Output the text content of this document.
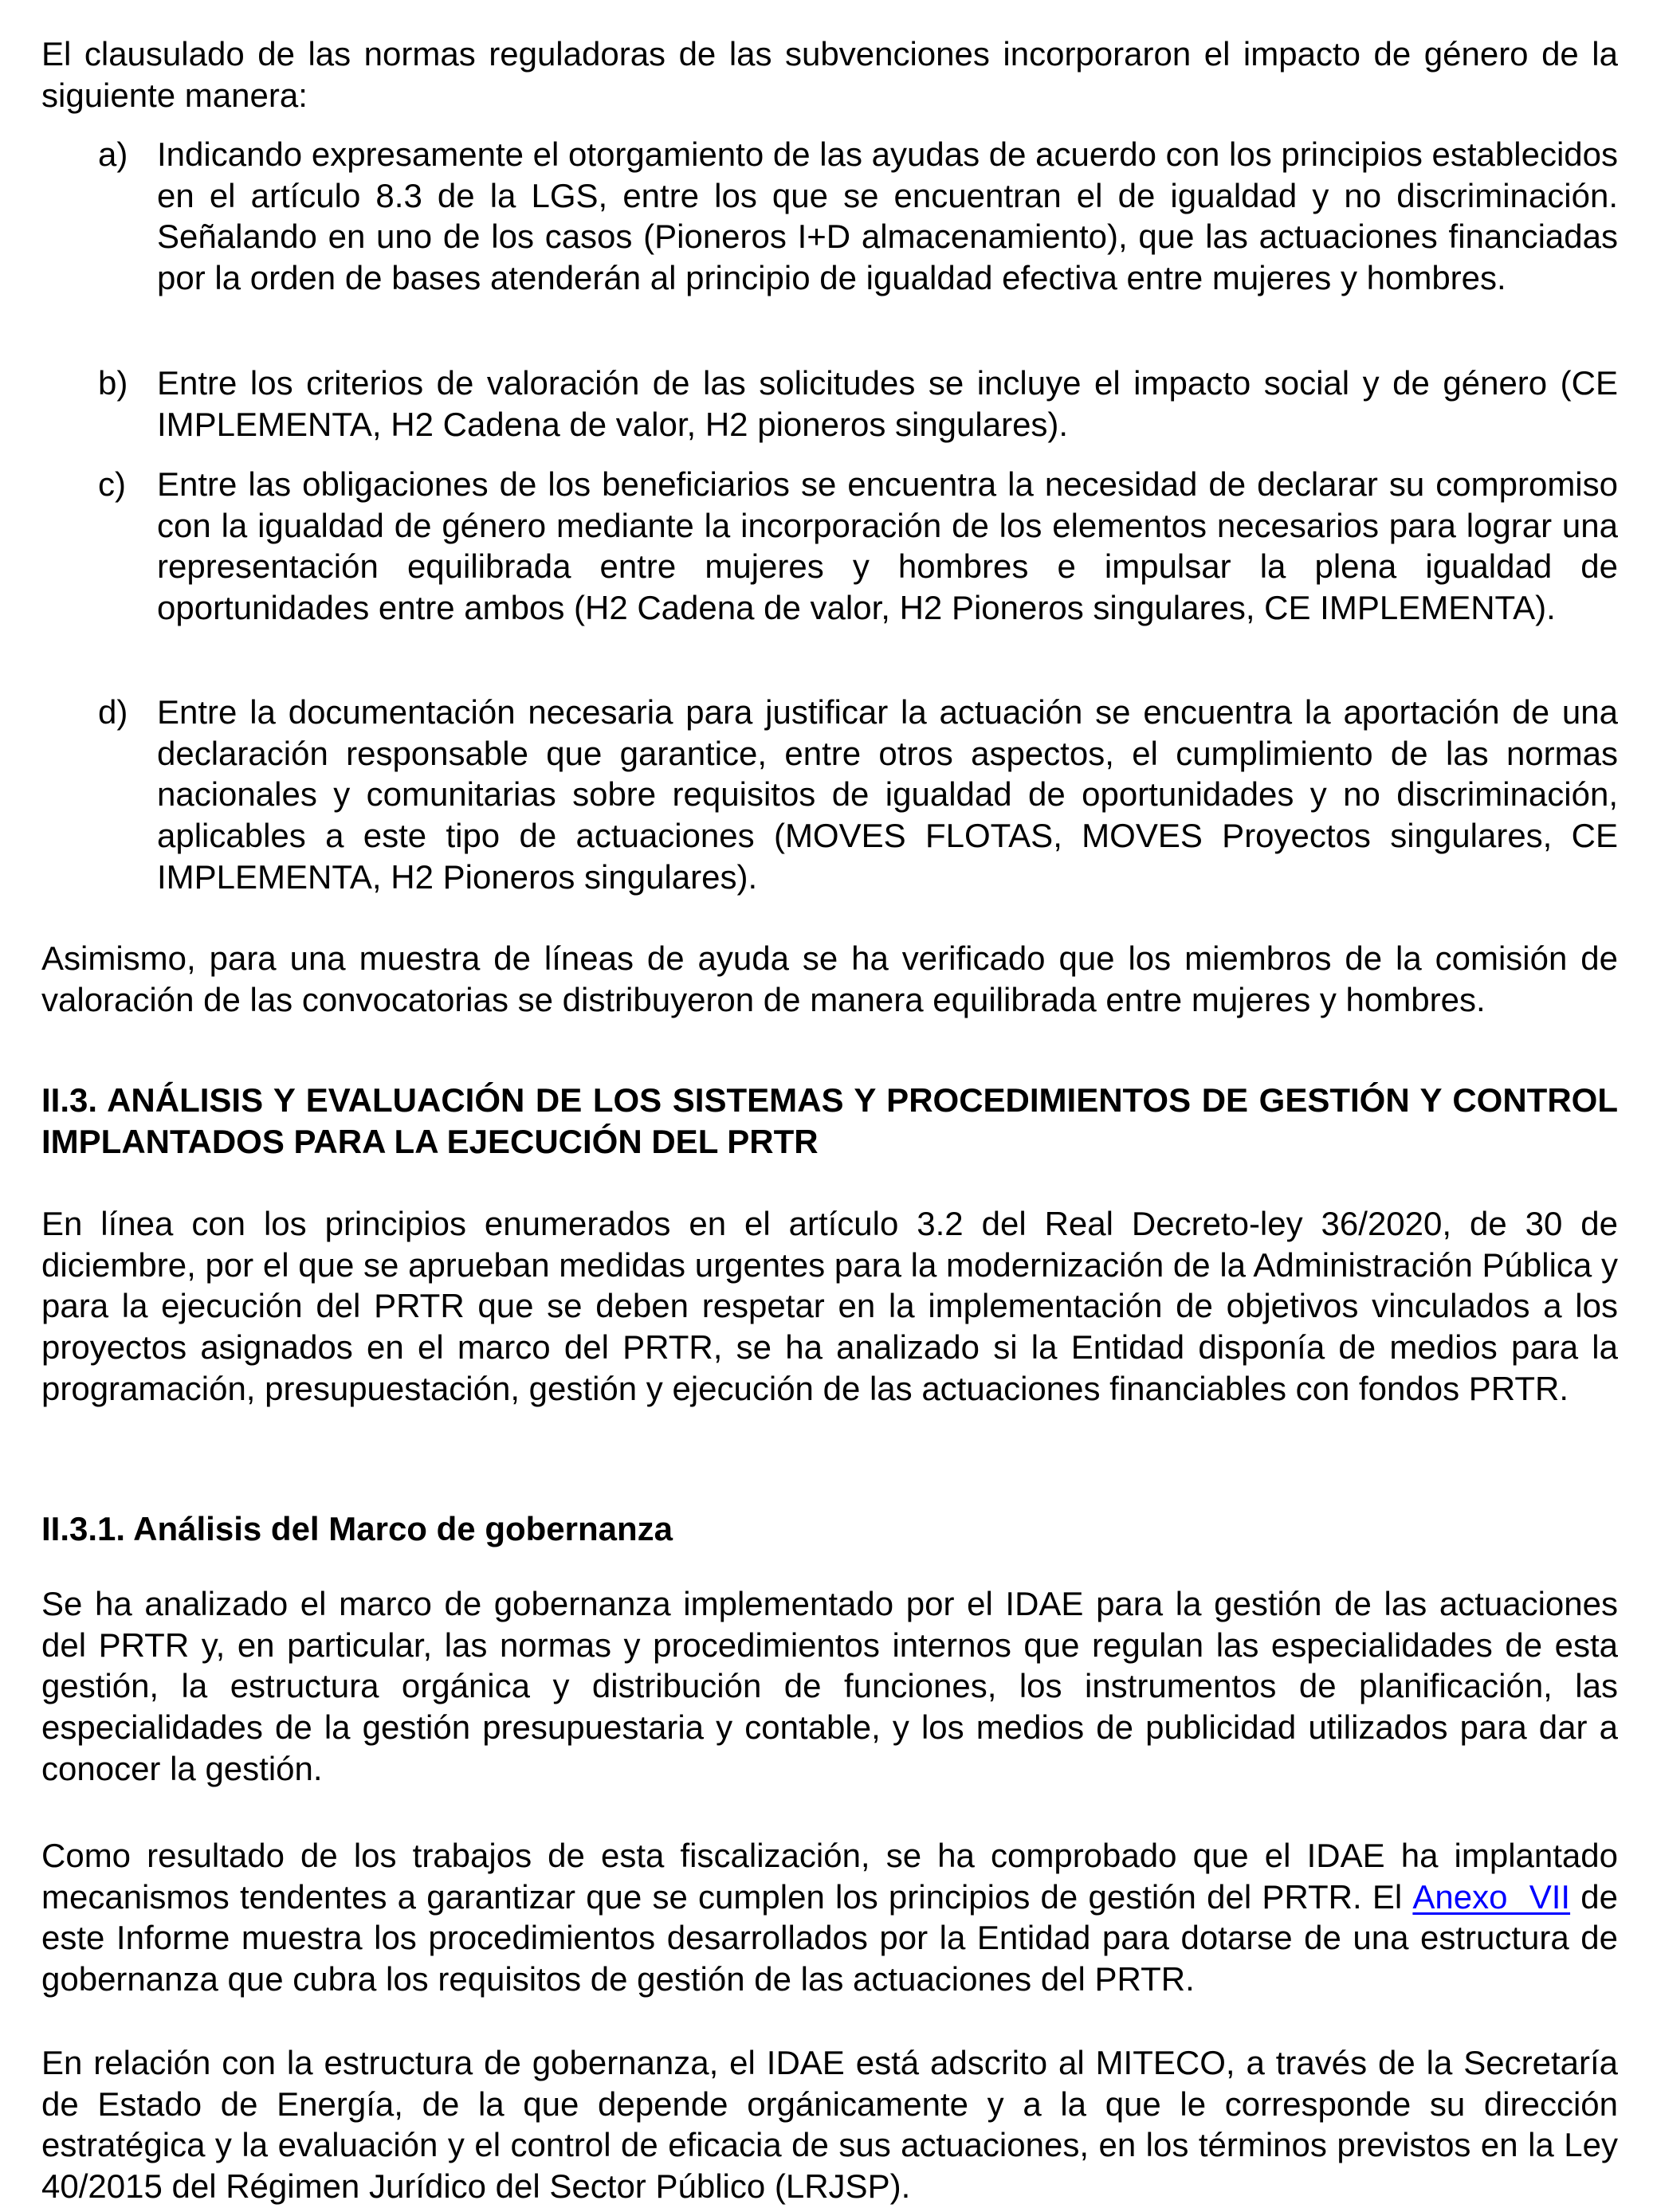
El clausulado de las normas reguladoras de las subvenciones incorporaron el impacto de género de la siguiente manera:

a) Indicando expresamente el otorgamiento de las ayudas de acuerdo con los principios establecidos en el artículo 8.3 de la LGS, entre los que se encuentran el de igualdad y no discriminación. Señalando en uno de los casos (Pioneros I+D almacenamiento), que las actuaciones financiadas por la orden de bases atenderán al principio de igualdad efectiva entre mujeres y hombres.
b) Entre los criterios de valoración de las solicitudes se incluye el impacto social y de género (CE IMPLEMENTA, H2 Cadena de valor, H2 pioneros singulares).
c) Entre las obligaciones de los beneficiarios se encuentra la necesidad de declarar su compromiso con la igualdad de género mediante la incorporación de los elementos necesarios para lograr una representación equilibrada entre mujeres y hombres e impulsar la plena igualdad de oportunidades entre ambos (H2 Cadena de valor, H2 Pioneros singulares, CE IMPLEMENTA).
d) Entre la documentación necesaria para justificar la actuación se encuentra la aportación de una declaración responsable que garantice, entre otros aspectos, el cumplimiento de las normas nacionales y comunitarias sobre requisitos de igualdad de oportunidades y no discriminación, aplicables a este tipo de actuaciones (MOVES FLOTAS, MOVES Proyectos singulares, CE IMPLEMENTA, H2 Pioneros singulares).

Asimismo, para una muestra de líneas de ayuda se ha verificado que los miembros de la comisión de valoración de las convocatorias se distribuyeron de manera equilibrada entre mujeres y hombres.

II.3. ANÁLISIS Y EVALUACIÓN DE LOS SISTEMAS Y PROCEDIMIENTOS DE GESTIÓN Y CONTROL IMPLANTADOS PARA LA EJECUCIÓN DEL PRTR

En línea con los principios enumerados en el artículo 3.2 del Real Decreto-ley 36/2020, de 30 de diciembre, por el que se aprueban medidas urgentes para la modernización de la Administración Pública y para la ejecución del PRTR que se deben respetar en la implementación de objetivos vinculados a los proyectos asignados en el marco del PRTR, se ha analizado si la Entidad disponía de medios para la programación, presupuestación, gestión y ejecución de las actuaciones financiables con fondos PRTR.

II.3.1. Análisis del Marco de gobernanza

Se ha analizado el marco de gobernanza implementado por el IDAE para la gestión de las actuaciones del PRTR y, en particular, las normas y procedimientos internos que regulan las especialidades de esta gestión, la estructura orgánica y distribución de funciones, los instrumentos de planificación, las especialidades de la gestión presupuestaria y contable, y los medios de publicidad utilizados para dar a conocer la gestión.

Como resultado de los trabajos de esta fiscalización, se ha comprobado que el IDAE ha implantado mecanismos tendentes a garantizar que se cumplen los principios de gestión del PRTR. El Anexo VII de este Informe muestra los procedimientos desarrollados por la Entidad para dotarse de una estructura de gobernanza que cubra los requisitos de gestión de las actuaciones del PRTR.

En relación con la estructura de gobernanza, el IDAE está adscrito al MITECO, a través de la Secretaría de Estado de Energía, de la que depende orgánicamente y a la que le corresponde su dirección estratégica y la evaluación y el control de eficacia de sus actuaciones, en los términos previstos en la Ley 40/2015 del Régimen Jurídico del Sector Público (LRJSP).
